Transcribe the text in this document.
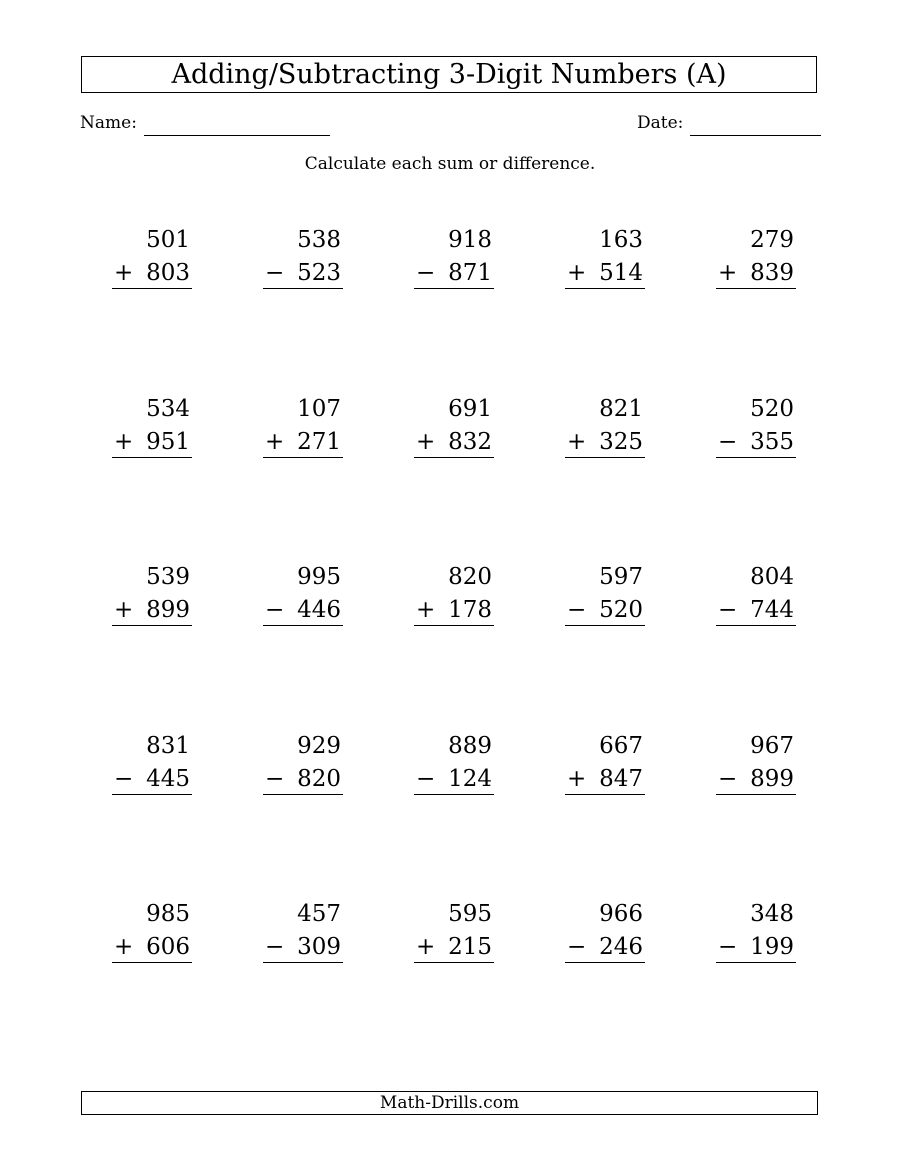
Adding/Subtracting 3-Digit Numbers (A)
Name:	Date:
Calculate each sum or difference.
501
+ 803
538
− 523
918
− 871
163
+ 514
279
+ 839
534
+ 951
107
+ 271
691
+ 832
821
+ 325
520
− 355
539
+ 899
995
− 446
820
+ 178
597
− 520
804
− 744
831
− 445
929
− 820
889
− 124
667
+ 847
967
− 899
985
+ 606
457
− 309
595
+ 215
966
− 246
348
− 199
Math-Drills.com
